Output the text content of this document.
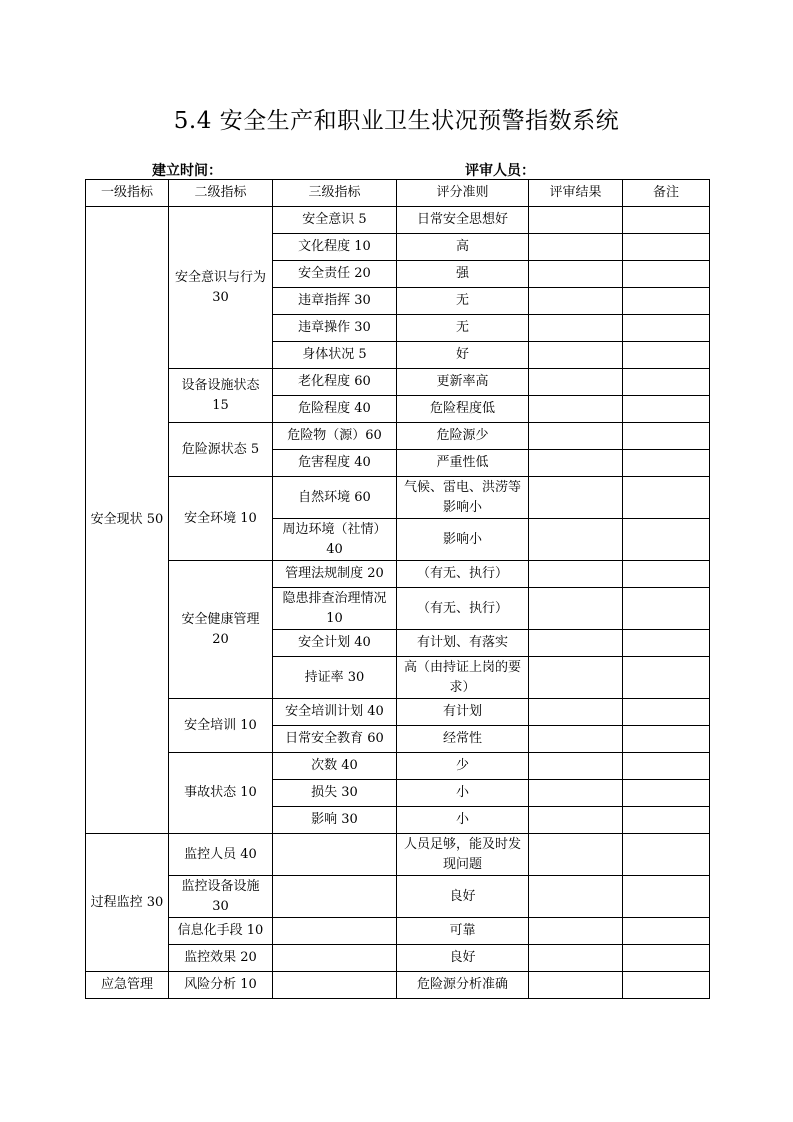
5.4 安全生产和职业卫生状况预警指数系统
建立时间：	评审人员：
一级指标	二级指标	三级指标	评分准则	评审结果	备注
安全现状 50	安全意识与行为 30	安全意识 5	日常安全思想好		
		文化程度 10	高		
		安全责任 20	强		
		违章指挥 30	无		
		违章操作 30	无		
		身体状况 5	好		
	设备设施状态 15	老化程度 60	更新率高		
		危险程度 40	危险程度低		
	危险源状态 5	危险物（源）60	危险源少		
		危害程度 40	严重性低		
	安全环境 10	自然环境 60	气候、雷电、洪涝等影响小		
		周边环境（社情）40	影响小		
	安全健康管理 20	管理法规制度 20	（有无、执行）		
		隐患排查治理情况 10	（有无、执行）		
		安全计划 40	有计划、有落实		
		持证率 30	高（由持证上岗的要求）		
	安全培训 10	安全培训计划 40	有计划		
		日常安全教育 60	经常性		
	事故状态 10	次数 40	少		
		损失 30	小		
		影响 30	小		
过程监控 30	监控人员 40		人员足够，能及时发现问题		
	监控设备设施 30		良好		
	信息化手段 10		可靠		
	监控效果 20		良好		
应急管理	风险分析 10		危险源分析准确		
